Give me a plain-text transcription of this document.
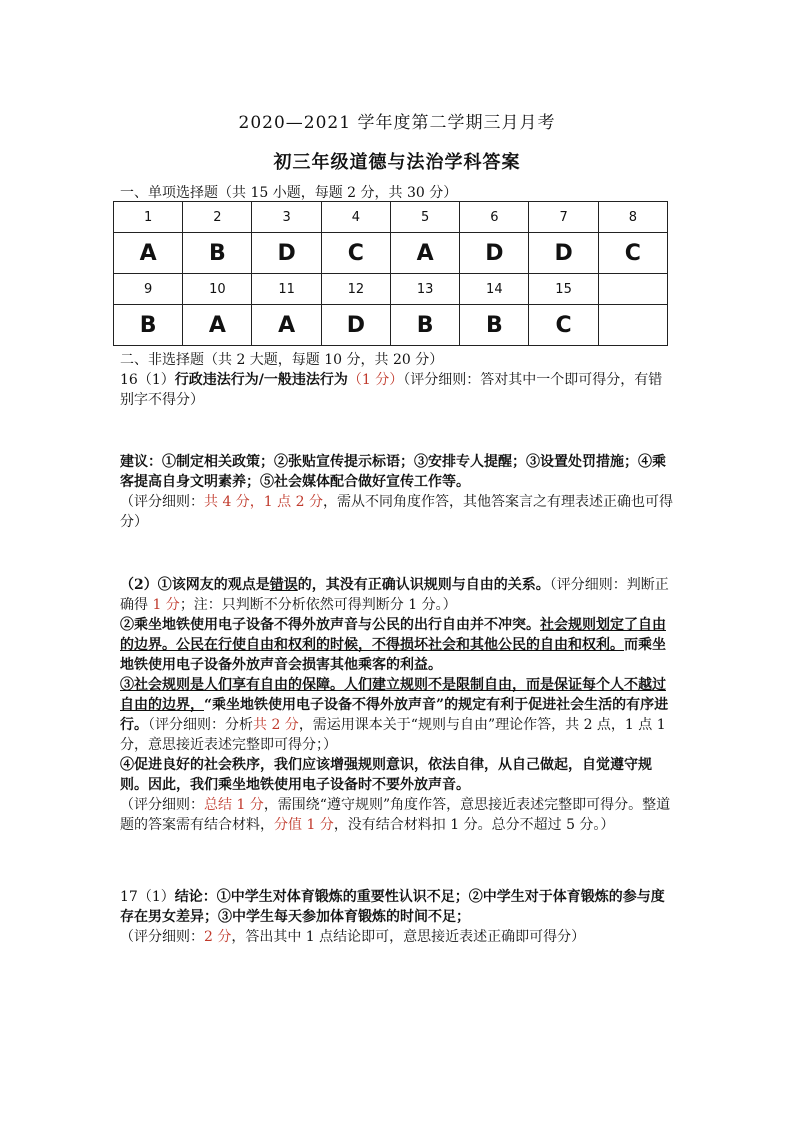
2020—2021 学年度第二学期三月月考
初三年级道德与法治学科答案
一、单项选择题（共 15 小题，每题 2 分，共 30 分）
1	2	3	4	5	6	7	8
A	B	D	C	A	D	D	C
9	10	11	12	13	14	15	
B	A	A	D	B	B	C	
二、非选择题（共 2 大题，每题 10 分，共 20 分）
16（1）行政违法行为/一般违法行为（1 分）（评分细则：答对其中一个即可得分，有错别字不得分）
建议：①制定相关政策；②张贴宣传提示标语；③安排专人提醒；③设置处罚措施；④乘客提高自身文明素养；⑤社会媒体配合做好宣传工作等。
（评分细则：共 4 分，1 点 2 分，需从不同角度作答，其他答案言之有理表述正确也可得分）
（2）①该网友的观点是错误的，其没有正确认识规则与自由的关系。（评分细则：判断正确得 1 分；注：只判断不分析依然可得判断分 1 分。）
②乘坐地铁使用电子设备不得外放声音与公民的出行自由并不冲突。社会规则划定了自由的边界。公民在行使自由和权利的时候，不得损坏社会和其他公民的自由和权利。而乘坐地铁使用电子设备外放声音会损害其他乘客的利益。
③社会规则是人们享有自由的保障。人们建立规则不是限制自由，而是保证每个人不越过自由的边界，“乘坐地铁使用电子设备不得外放声音”的规定有利于促进社会生活的有序进行。（评分细则：分析共 2 分，需运用课本关于“规则与自由”理论作答，共 2 点，1 点 1 分，意思接近表述完整即可得分；）
④促进良好的社会秩序，我们应该增强规则意识，依法自律，从自己做起，自觉遵守规则。因此，我们乘坐地铁使用电子设备时不要外放声音。
（评分细则：总结 1 分，需围绕“遵守规则”角度作答，意思接近表述完整即可得分。整道题的答案需有结合材料，分值 1 分，没有结合材料扣 1 分。总分不超过 5 分。）
17（1）结论：①中学生对体育锻炼的重要性认识不足；②中学生对于体育锻炼的参与度存在男女差异；③中学生每天参加体育锻炼的时间不足；
（评分细则：2 分，答出其中 1 点结论即可，意思接近表述正确即可得分）
